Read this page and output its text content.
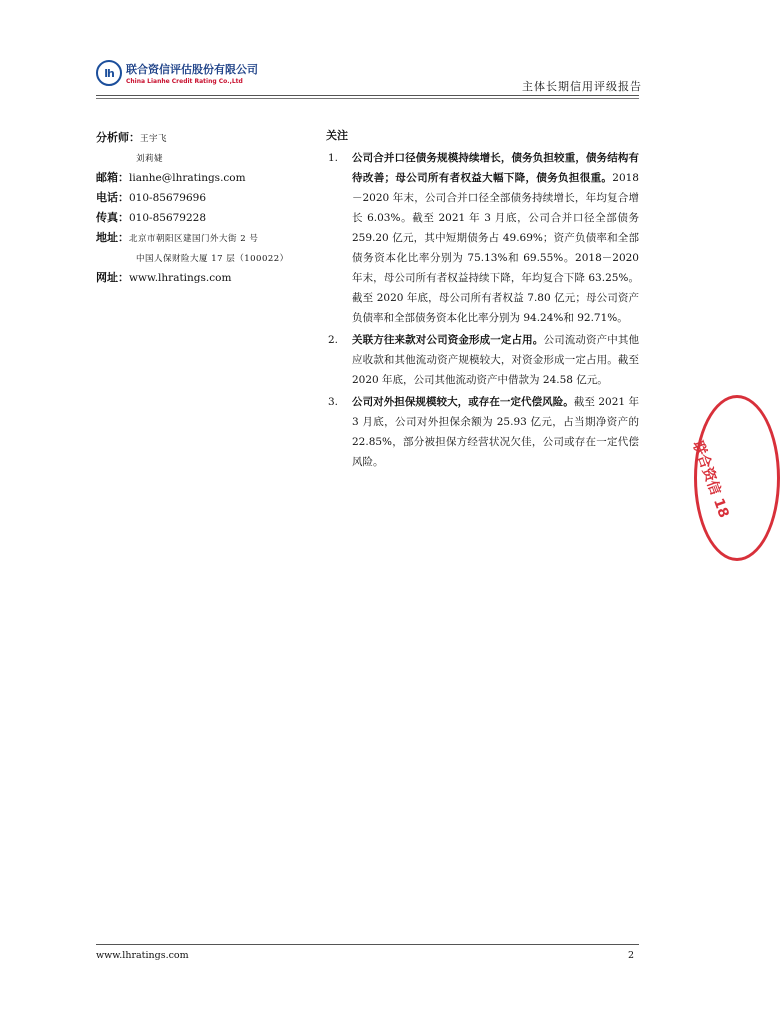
lh	联合资信评估股份有限公司
China Lianhe Credit Rating Co.,Ltd	主体长期信用评级报告
分析师：王宇飞
刘莉婕
邮箱：lianhe@lhratings.com
电话：010-85679696
传真：010-85679228
地址：北京市朝阳区建国门外大街 2 号
中国人保财险大厦 17 层（100022）
网址：www.lhratings.com
关注
1. 公司合并口径债务规模持续增长，债务负担较重，债务结构有待改善；母公司所有者权益大幅下降，债务负担很重。2018－2020 年末，公司合并口径全部债务持续增长，年均复合增长 6.03%。截至 2021 年 3 月底，公司合并口径全部债务 259.20 亿元，其中短期债务占 49.69%；资产负债率和全部债务资本化比率分别为 75.13%和 69.55%。2018－2020 年末，母公司所有者权益持续下降，年均复合下降 63.25%。截至 2020 年底，母公司所有者权益 7.80 亿元；母公司资产负债率和全部债务资本化比率分别为 94.24%和 92.71%。
2. 关联方往来款对公司资金形成一定占用。公司流动资产中其他应收款和其他流动资产规模较大，对资金形成一定占用。截至 2020 年底，公司其他流动资产中借款为 24.58 亿元。
3. 公司对外担保规模较大，或存在一定代偿风险。截至 2021 年 3 月底，公司对外担保余额为 25.93 亿元，占当期净资产的 22.85%，部分被担保方经营状况欠佳，公司或存在一定代偿风险。	联合资信 18
www.lhratings.com	2
